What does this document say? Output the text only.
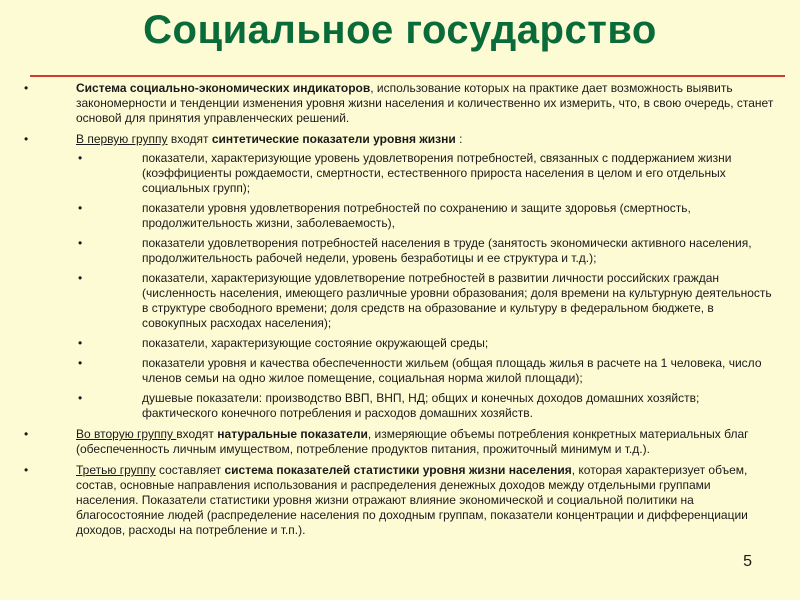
Социальное государство
•	Система социально-экономических индикаторов, использование которых на практике дает возможность выявить закономерности и тенденции изменения уровня жизни населения и количественно их измерить, что, в свою очередь, станет основой для принятия управленческих решений.
•	В первую группу входят синтетические показатели уровня жизни :
•	показатели, характеризующие уровень удовлетворения потребностей, связанных с поддержанием жизни (коэффициенты рождаемости, смертности, естественного прироста населения в целом и его отдельных социальных групп);
•	показатели уровня удовлетворения потребностей по сохранению и защите здоровья (смертность, продолжительность жизни, заболеваемость),
•	показатели удовлетворения потребностей населения в труде (занятость экономически активного населения, продолжительность рабочей недели, уровень безработицы и ее структура и т.д.);
•	показатели, характеризующие удовлетворение потребностей в развитии личности российских граждан (численность населения, имеющего различные уровни образования; доля времени на культурную деятельность в структуре свободного времени; доля средств на образование и культуру в федеральном бюджете, в совокупных расходах населения);
•	показатели, характеризующие состояние окружающей среды;
•	показатели уровня и качества обеспеченности жильем (общая площадь жилья в расчете на 1 человека, число членов семьи на одно жилое помещение, социальная норма жилой площади);
•	душевые показатели: производство ВВП, ВНП, НД; общих и конечных доходов домашних хозяйств; фактического конечного потребления и расходов домашних хозяйств.
•	Во вторую группу входят натуральные показатели, измеряющие объемы потребления конкретных материальных благ (обеспеченность личным имуществом, потребление продуктов питания, прожиточный минимум и т.д.).
•	Третью группу составляет система показателей статистики уровня жизни населения, которая характеризует объем, состав, основные направления использования и распределения денежных доходов между отдельными группами населения. Показатели статистики уровня жизни отражают влияние экономической и социальной политики на благосостояние людей (распределение населения по доходным группам, показатели концентрации и дифференциации доходов, расходы на потребление и т.п.).
5
